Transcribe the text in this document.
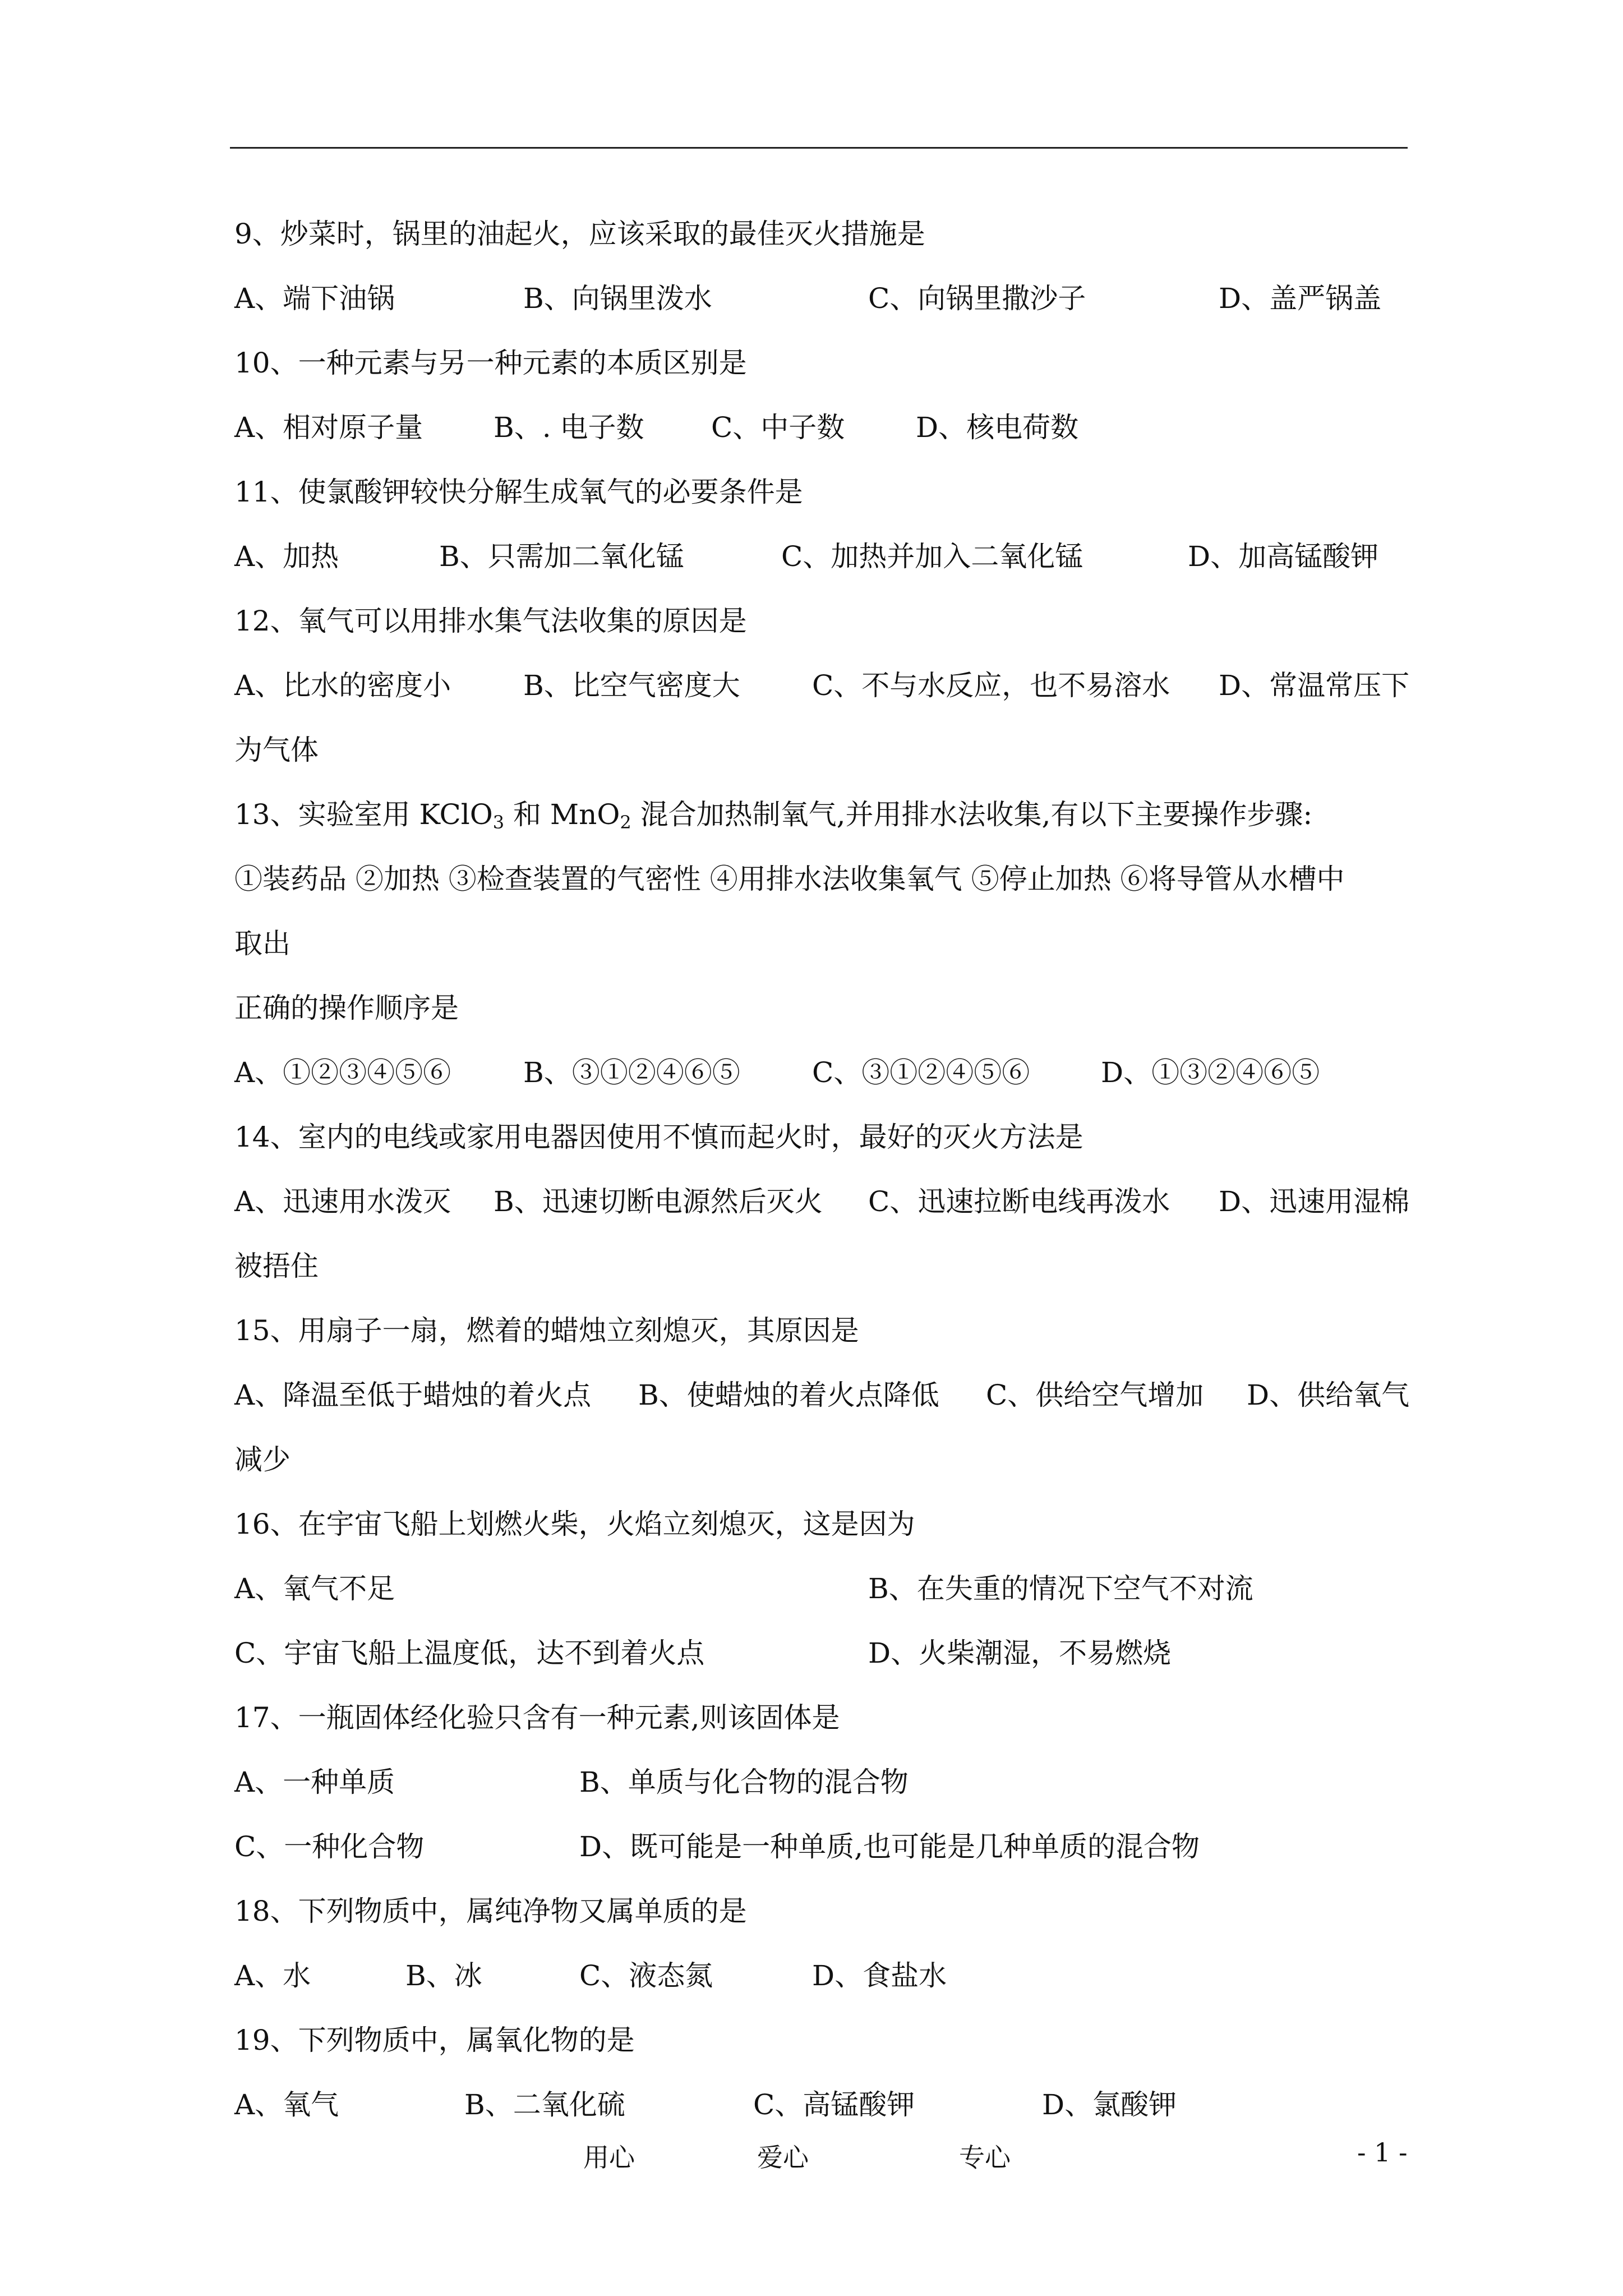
9、炒菜时，锅里的油起火，应该采取的最佳灭火措施是
A、端下油锅	B、向锅里泼水	C、向锅里撒沙子	D、盖严锅盖
10、一种元素与另一种元素的本质区别是
A、相对原子量	B、. 电子数 C、中子数	D、核电荷数
11、使氯酸钾较快分解生成氧气的必要条件是
A、加热	B、只需加二氧化锰	C、加热并加入二氧化锰	D、加高锰酸钾
12、氧气可以用排水集气法收集的原因是
A、比水的密度小	B、比空气密度大	C、不与水反应，也不易溶水 D、常温常压下
为气体
13、实验室用 KClO$_3$ 和 MnO$_2$ 混合加热制氧气,并用排水法收集,有以下主要操作步骤:
①装药品 ②加热 ③检查装置的气密性 ④用排水法收集氧气 ⑤停止加热 ⑥将导管从水槽中
取出
正确的操作顺序是
A、①②③④⑤⑥	B、③①②④⑥⑤	C、③①②④⑤⑥	D、①③②④⑥⑤
14、室内的电线或家用电器因使用不慎而起火时，最好的灭火方法是
A、迅速用水泼灭 B、迅速切断电源然后灭火 C、迅速拉断电线再泼水 D、迅速用湿棉
被捂住
15、用扇子一扇，燃着的蜡烛立刻熄灭，其原因是
A、降温至低于蜡烛的着火点 B、使蜡烛的着火点降低 C、供给空气增加 D、供给氧气
减少
16、在宇宙飞船上划燃火柴，火焰立刻熄灭，这是因为
A、氧气不足	B、在失重的情况下空气不对流
C、宇宙飞船上温度低，达不到着火点	D、火柴潮湿，不易燃烧
17、一瓶固体经化验只含有一种元素,则该固体是
A、一种单质	B、单质与化合物的混合物
C、一种化合物	D、既可能是一种单质,也可能是几种单质的混合物
18、下列物质中，属纯净物又属单质的是
A、水	B、冰	C、液态氮	D、食盐水
19、下列物质中，属氧化物的是
A、氧气	B、二氧化硫	C、高锰酸钾	D、氯酸钾
用心	爱心	专心	- 1 -
